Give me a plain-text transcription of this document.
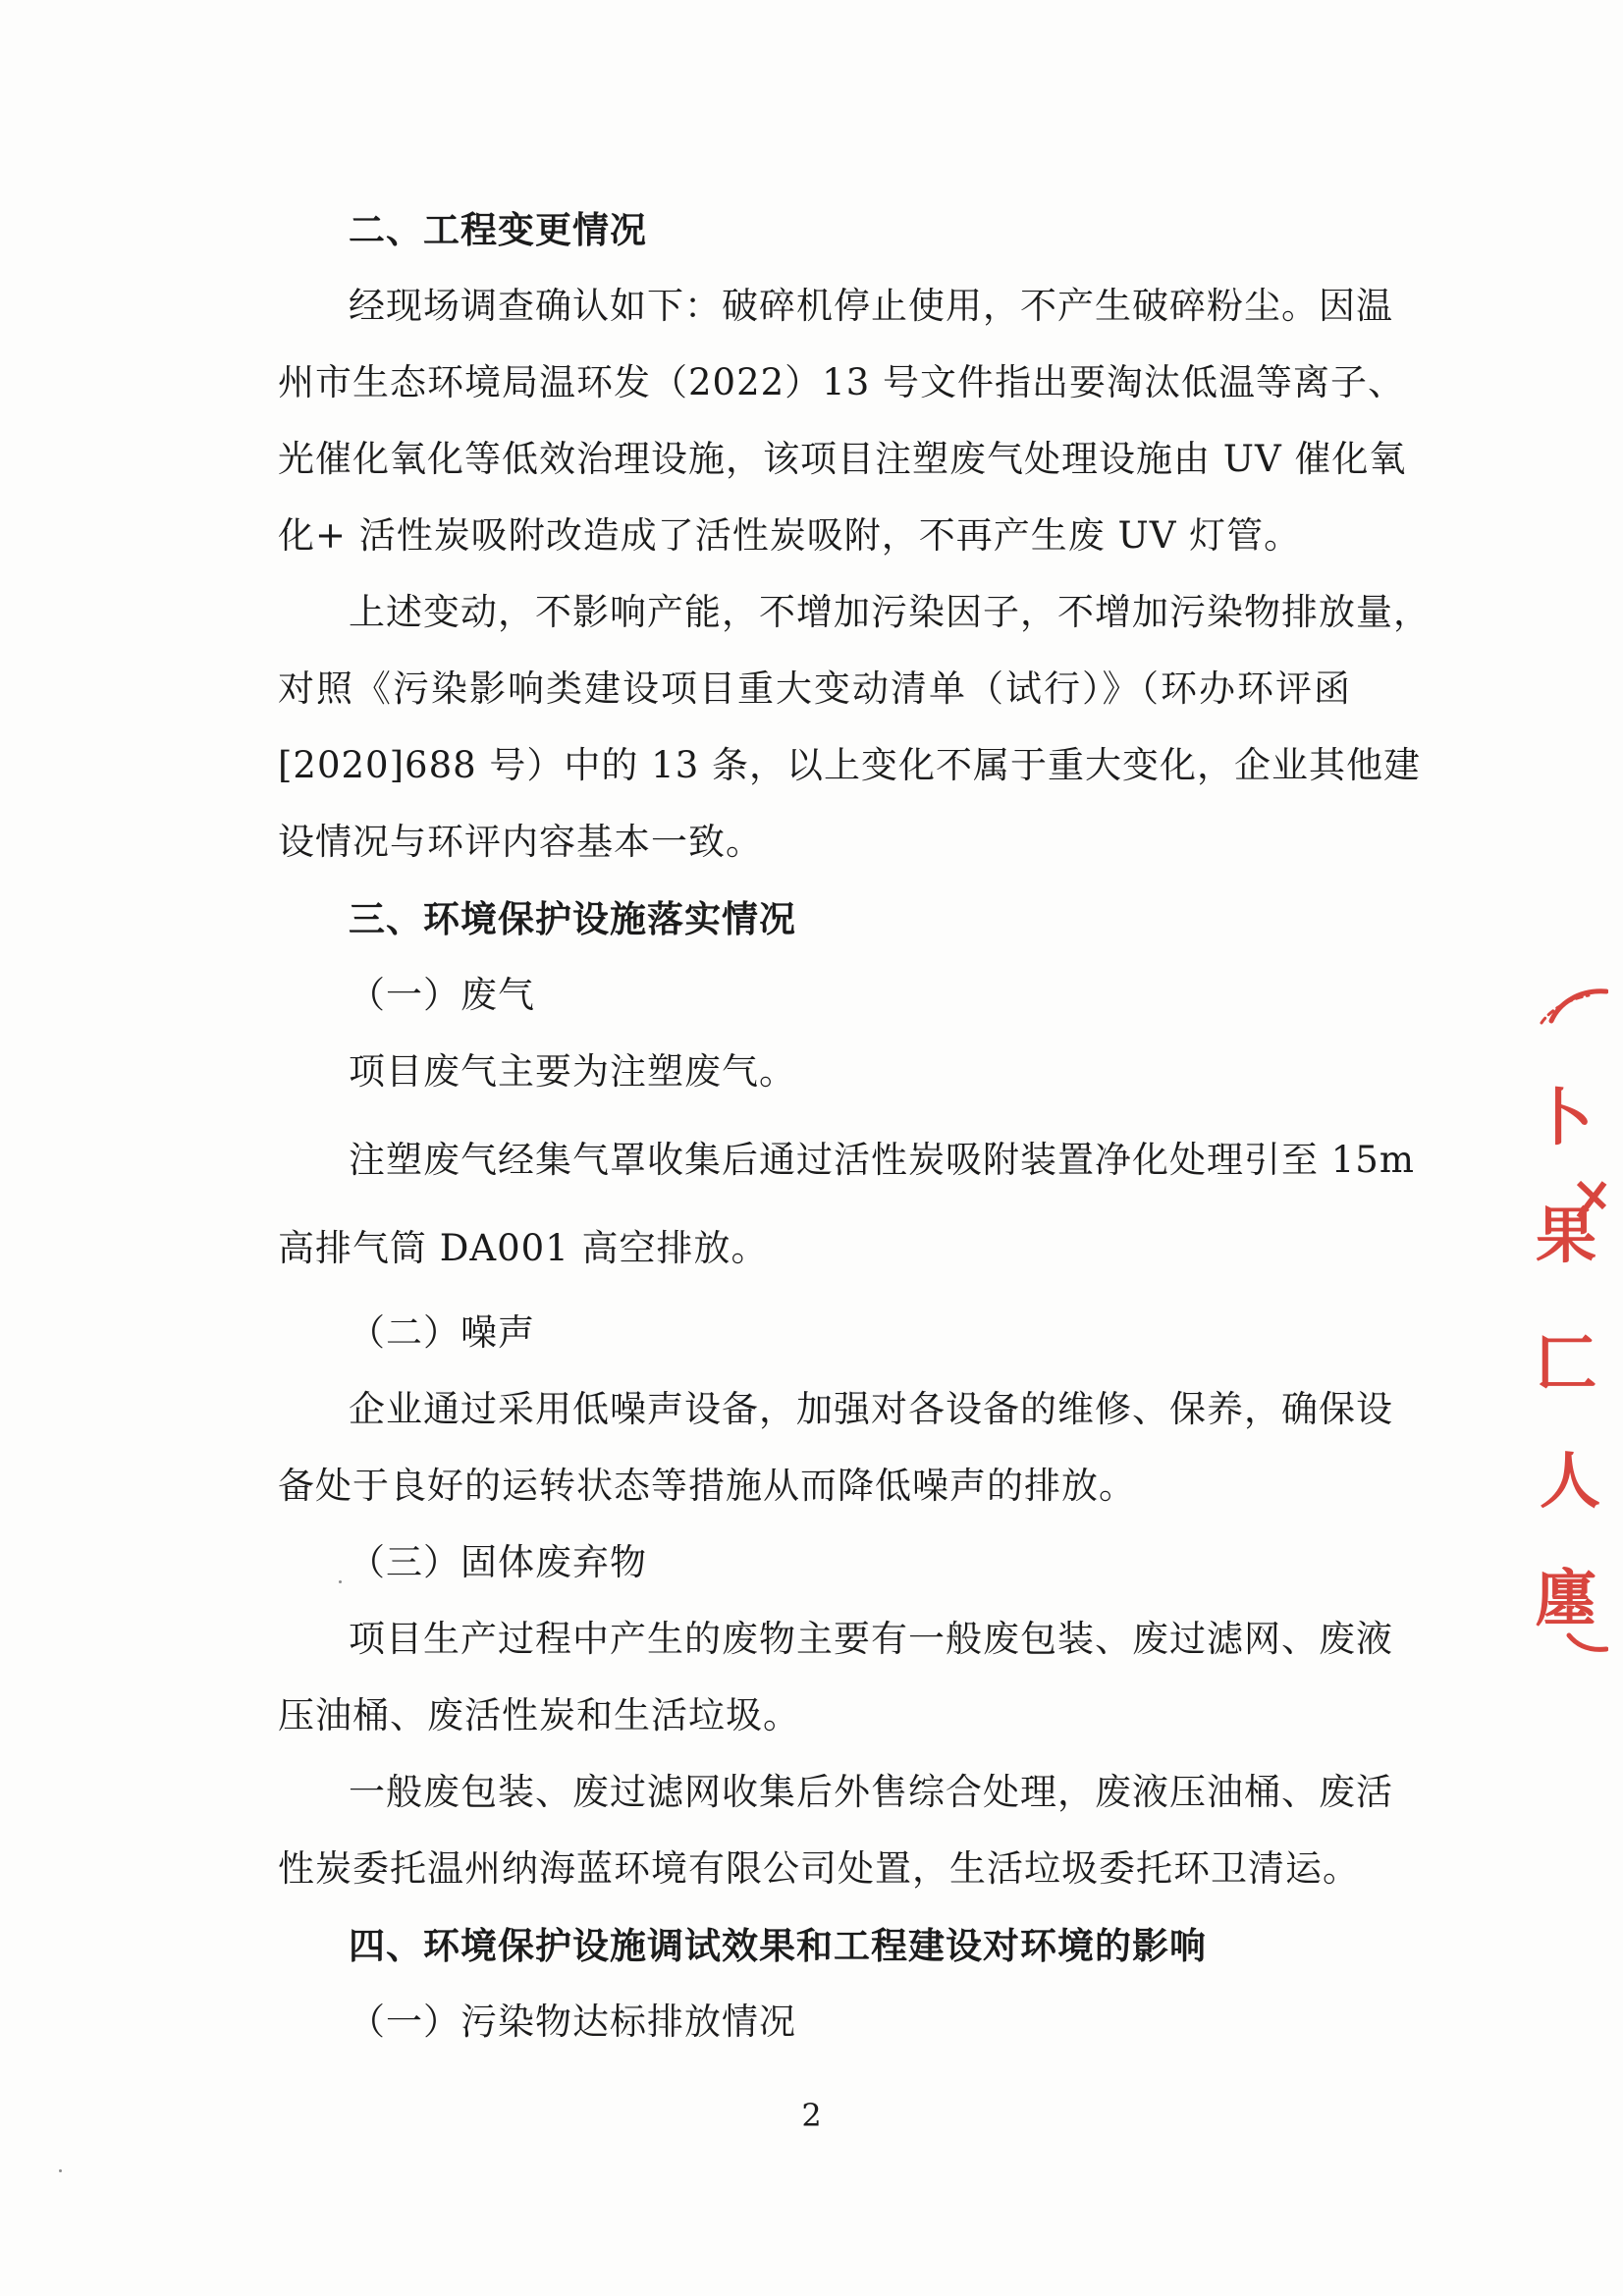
二、工程变更情况
经现场调查确认如下：破碎机停止使用，不产生破碎粉尘。因温
州市生态环境局温环发（2022）13 号文件指出要淘汰低温等离子、
光催化氧化等低效治理设施，该项目注塑废气处理设施由 UV 催化氧
化+ 活性炭吸附改造成了活性炭吸附，不再产生废 UV 灯管。
上述变动，不影响产能，不增加污染因子，不增加污染物排放量，
对照《污染影响类建设项目重大变动清单（试行）》（环办环评函
[2020]688 号）中的 13 条，以上变化不属于重大变化，企业其他建
设情况与环评内容基本一致。
三、环境保护设施落实情况
（一）废气
项目废气主要为注塑废气。
注塑废气经集气罩收集后通过活性炭吸附装置净化处理引至 15m
高排气筒 DA001 高空排放。
（二）噪声
企业通过采用低噪声设备，加强对各设备的维修、保养，确保设
备处于良好的运转状态等措施从而降低噪声的排放。
（三）固体废弃物
项目生产过程中产生的废物主要有一般废包装、废过滤网、废液
压油桶、废活性炭和生活垃圾。
一般废包装、废过滤网收集后外售综合处理，废液压油桶、废活
性炭委托温州纳海蓝环境有限公司处置，生活垃圾委托环卫清运。
四、环境保护设施调试效果和工程建设对环境的影响
（一）污染物达标排放情况
2
卜
果
匚
人
廛
